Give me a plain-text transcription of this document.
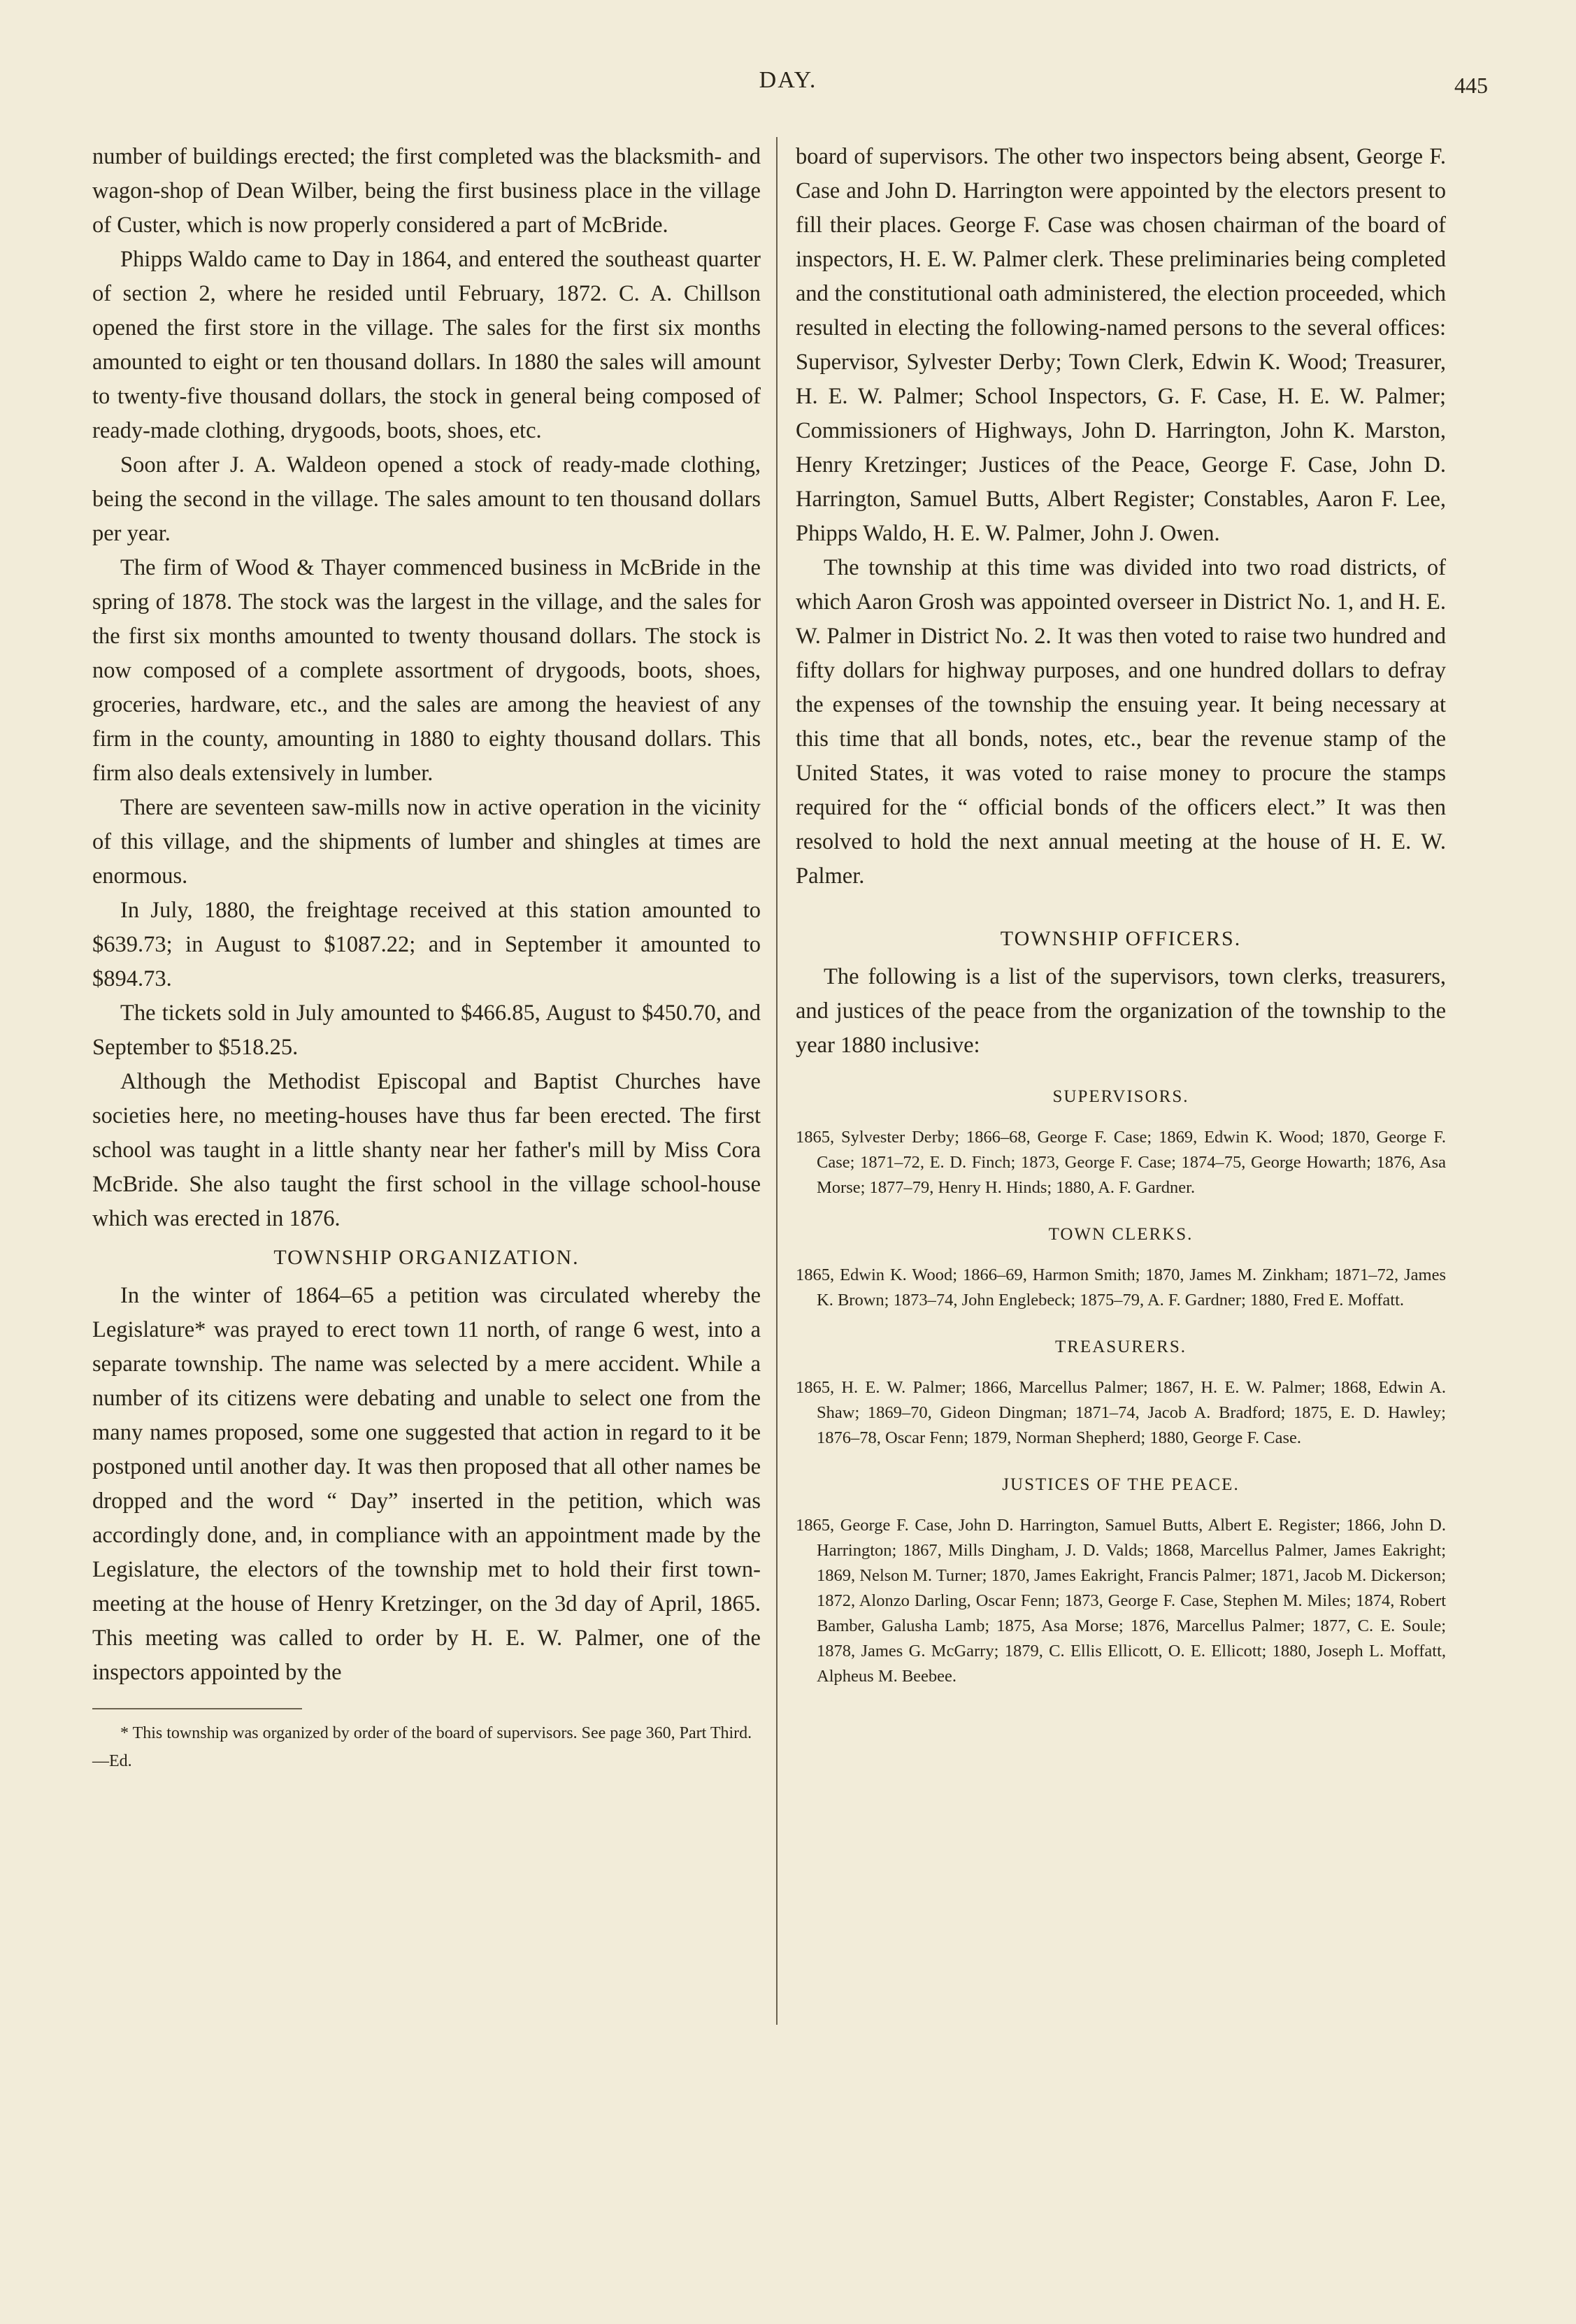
DAY.	445

number of buildings erected; the first completed was the blacksmith- and wagon-shop of Dean Wilber, being the first business place in the village of Custer, which is now properly considered a part of McBride.

Phipps Waldo came to Day in 1864, and entered the southeast quarter of section 2, where he resided until February, 1872. C. A. Chillson opened the first store in the village. The sales for the first six months amounted to eight or ten thousand dollars. In 1880 the sales will amount to twenty-five thousand dollars, the stock in general being composed of ready-made clothing, drygoods, boots, shoes, etc.

Soon after J. A. Waldeon opened a stock of ready-made clothing, being the second in the village. The sales amount to ten thousand dollars per year.

The firm of Wood & Thayer commenced business in McBride in the spring of 1878. The stock was the largest in the village, and the sales for the first six months amounted to twenty thousand dollars. The stock is now composed of a complete assortment of drygoods, boots, shoes, groceries, hardware, etc., and the sales are among the heaviest of any firm in the county, amounting in 1880 to eighty thousand dollars. This firm also deals extensively in lumber.

There are seventeen saw-mills now in active operation in the vicinity of this village, and the shipments of lumber and shingles at times are enormous.

In July, 1880, the freightage received at this station amounted to $639.73; in August to $1087.22; and in September it amounted to $894.73.

The tickets sold in July amounted to $466.85, August to $450.70, and September to $518.25.

Although the Methodist Episcopal and Baptist Churches have societies here, no meeting-houses have thus far been erected. The first school was taught in a little shanty near her father's mill by Miss Cora McBride. She also taught the first school in the village school-house which was erected in 1876.

TOWNSHIP ORGANIZATION.

In the winter of 1864–65 a petition was circulated whereby the Legislature* was prayed to erect town 11 north, of range 6 west, into a separate township. The name was selected by a mere accident. While a number of its citizens were debating and unable to select one from the many names proposed, some one suggested that action in regard to it be postponed until another day. It was then proposed that all other names be dropped and the word “ Day” inserted in the petition, which was accordingly done, and, in compliance with an appointment made by the Legislature, the electors of the township met to hold their first town-meeting at the house of Henry Kretzinger, on the 3d day of April, 1865. This meeting was called to order by H. E. W. Palmer, one of the inspectors appointed by the

* This township was organized by order of the board of supervisors. See page 360, Part Third.—Ed.

board of supervisors. The other two inspectors being absent, George F. Case and John D. Harrington were appointed by the electors present to fill their places. George F. Case was chosen chairman of the board of inspectors, H. E. W. Palmer clerk. These preliminaries being completed and the constitutional oath administered, the election proceeded, which resulted in electing the following-named persons to the several offices: Supervisor, Sylvester Derby; Town Clerk, Edwin K. Wood; Treasurer, H. E. W. Palmer; School Inspectors, G. F. Case, H. E. W. Palmer; Commissioners of Highways, John D. Harrington, John K. Marston, Henry Kretzinger; Justices of the Peace, George F. Case, John D. Harrington, Samuel Butts, Albert Register; Constables, Aaron F. Lee, Phipps Waldo, H. E. W. Palmer, John J. Owen.

The township at this time was divided into two road districts, of which Aaron Grosh was appointed overseer in District No. 1, and H. E. W. Palmer in District No. 2. It was then voted to raise two hundred and fifty dollars for highway purposes, and one hundred dollars to defray the expenses of the township the ensuing year. It being necessary at this time that all bonds, notes, etc., bear the revenue stamp of the United States, it was voted to raise money to procure the stamps required for the “ official bonds of the officers elect.” It was then resolved to hold the next annual meeting at the house of H. E. W. Palmer.

TOWNSHIP OFFICERS.

The following is a list of the supervisors, town clerks, treasurers, and justices of the peace from the organization of the township to the year 1880 inclusive:

SUPERVISORS.
1865, Sylvester Derby; 1866–68, George F. Case; 1869, Edwin K. Wood; 1870, George F. Case; 1871–72, E. D. Finch; 1873, George F. Case; 1874–75, George Howarth; 1876, Asa Morse; 1877–79, Henry H. Hinds; 1880, A. F. Gardner.
TOWN CLERKS.
1865, Edwin K. Wood; 1866–69, Harmon Smith; 1870, James M. Zinkham; 1871–72, James K. Brown; 1873–74, John Englebeck; 1875–79, A. F. Gardner; 1880, Fred E. Moffatt.
TREASURERS.
1865, H. E. W. Palmer; 1866, Marcellus Palmer; 1867, H. E. W. Palmer; 1868, Edwin A. Shaw; 1869–70, Gideon Dingman; 1871–74, Jacob A. Bradford; 1875, E. D. Hawley; 1876–78, Oscar Fenn; 1879, Norman Shepherd; 1880, George F. Case.
JUSTICES OF THE PEACE.
1865, George F. Case, John D. Harrington, Samuel Butts, Albert E. Register; 1866, John D. Harrington; 1867, Mills Dingham, J. D. Valds; 1868, Marcellus Palmer, James Eakright; 1869, Nelson M. Turner; 1870, James Eakright, Francis Palmer; 1871, Jacob M. Dickerson; 1872, Alonzo Darling, Oscar Fenn; 1873, George F. Case, Stephen M. Miles; 1874, Robert Bamber, Galusha Lamb; 1875, Asa Morse; 1876, Marcellus Palmer; 1877, C. E. Soule; 1878, James G. McGarry; 1879, C. Ellis Ellicott, O. E. Ellicott; 1880, Joseph L. Moffatt, Alpheus M. Beebee.
